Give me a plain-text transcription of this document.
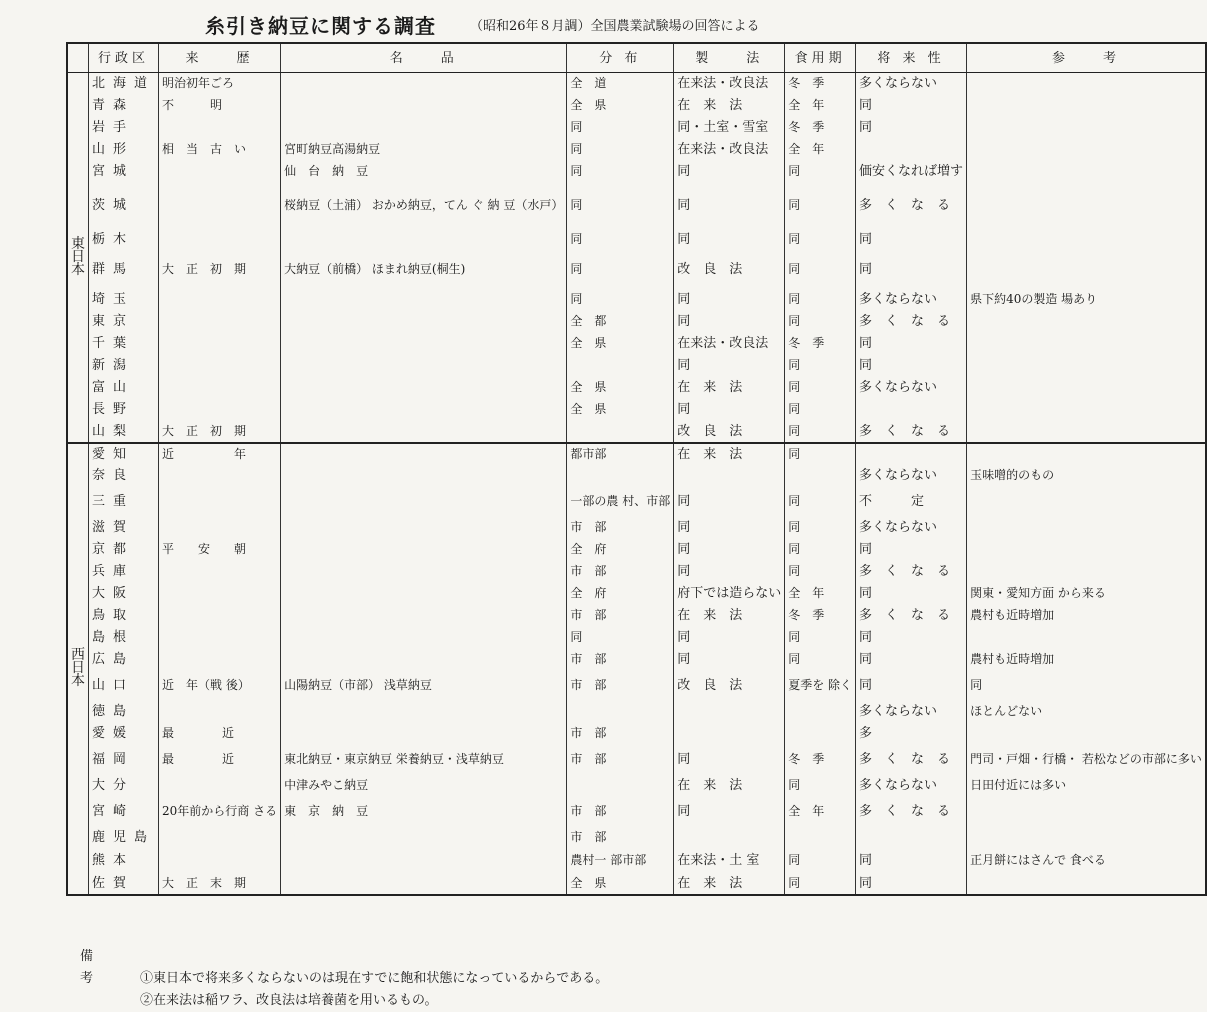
糸引き納豆に関する調査	（昭和26年８月調）全国農業試験場の回答による
	行政区	来　　歴	名　　品	分 布	製　　法	食用期	将 来 性	参　　考

東
日
本	北海道	明治初年ごろ		全　道	在来法・改良法	冬　季	多くならない	
	青森	不　　　明		全　県	在　来　法	全　年	同	
	岩手			同	同・土室・雪室	冬　季	同	
	山形	相　当　古　い	宮町納豆高湯納豆	同	在来法・改良法	全　年		
	宮城		仙　台　納　豆	同	同	同	価安くなれば増す	
	茨城		桜納豆（土浦） おかめ納豆，てん ぐ 納 豆（水戸）	同	同	同	多　く　な　る	
	栃木			同	同	同	同	
	群馬	大　正　初　期	大納豆（前橋） ほまれ納豆(桐生)	同	改　良　法	同	同	
	埼玉			同	同	同	多くならない	県下約40の製造 場あり
	東京			全　都	同	同	多　く　な　る	
	千葉			全　県	在来法・改良法	冬　季	同	
	新潟				同	同	同	
	富山			全　県	在　来　法	同	多くならない	
	長野			全　県	同	同		
	山梨	大　正　初　期			改　良　法	同	多　く　な　る	

西
日
本	愛知	近　　　　　年		都市部	在　来　法	同		
	奈良						多くならない	玉味噌的のもの
	三重			一部の農 村、市部	同	同	不　　　定	
	滋賀			市　部	同	同	多くならない	
	京都	平　　安　　朝		全　府	同	同	同	
	兵庫			市　部	同	同	多　く　な　る	
	大阪			全　府	府下では造らない	全　年	同	関東・愛知方面 から来る
	鳥取			市　部	在　来　法	冬　季	多　く　な　る	農村も近時増加
	島根			同	同	同	同	
	広島			市　部	同	同	同	農村も近時増加
	山口	近　年（戦 後）	山陽納豆（市部） 浅草納豆	市　部	改　良　法	夏季を 除く	同	同
	徳島						多くならない	ほとんどない
	愛媛	最　　　　近		市　部			多	
	福岡	最　　　　近	東北納豆・東京納豆 栄養納豆・浅草納豆	市　部	同	冬　季	多　く　な　る	門司・戸畑・行橋・ 若松などの市部に多い
	大分		中津みやこ納豆		在　来　法	同	多くならない	日田付近には多い
	宮崎	20年前から行商 さる	東　京　納　豆	市　部	同	全　年	多　く　な　る	
	鹿児島			市　部				
	熊本			農村一 部市部	在来法・土 室	同	同	正月餅にはさんで 食べる
	佐賀	大　正　末　期		全　県	在　来　法	同	同	
備　考	①東日本で将来多くならないのは現在すでに飽和状態になっているからである。
②在来法は稲ワラ、改良法は培養菌を用いるもの。
